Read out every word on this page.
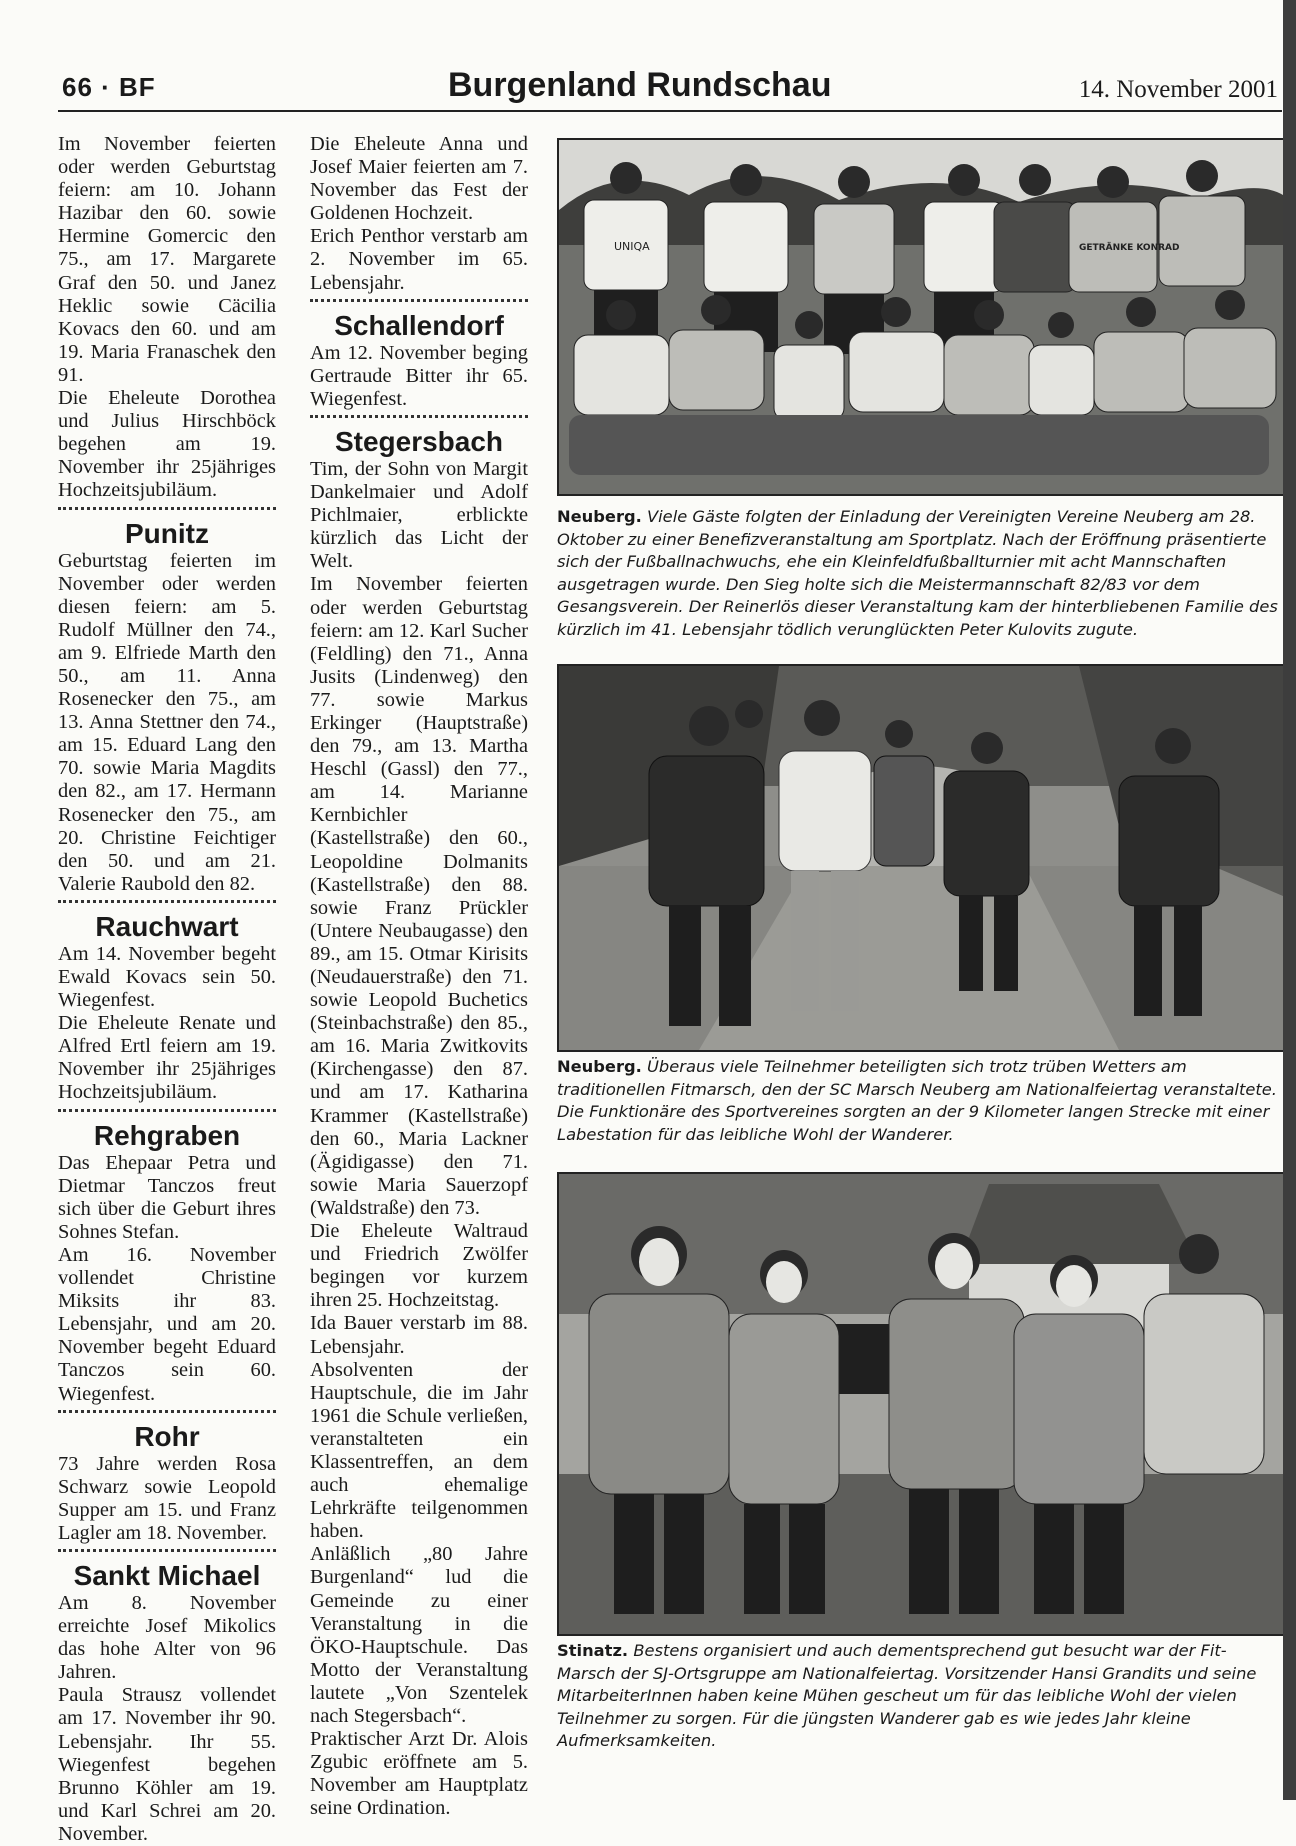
66 · BF	Burgenland Rundschau	14. November 2001

Im November feierten oder werden Geburtstag feiern: am 10. Johann Hazibar den 60. sowie Hermine Gomercic den 75., am 17. Margarete Graf den 50. und Janez Heklic sowie Cäcilia Kovacs den 60. und am 19. Maria Franaschek den 91.

Die Eheleute Dorothea und Julius Hirschböck begehen am 19. November ihr 25jähriges Hochzeitsjubiläum.

Punitz

Geburtstag feierten im November oder werden diesen feiern: am 5. Rudolf Müllner den 74., am 9. Elfriede Marth den 50., am 11. Anna Rosenecker den 75., am 13. Anna Stettner den 74., am 15. Eduard Lang den 70. sowie Maria Magdits den 82., am 17. Hermann Rosenecker den 75., am 20. Christine Feichtiger den 50. und am 21. Valerie Raubold den 82.

Rauchwart

Am 14. November begeht Ewald Kovacs sein 50. Wiegenfest.

Die Eheleute Renate und Alfred Ertl feiern am 19. November ihr 25jähriges Hochzeitsjubiläum.

Rehgraben

Das Ehepaar Petra und Dietmar Tanczos freut sich über die Geburt ihres Sohnes Stefan.

Am 16. November vollendet Christine Miksits ihr 83. Lebensjahr, und am 20. November begeht Eduard Tanczos sein 60. Wiegenfest.

Rohr

73 Jahre werden Rosa Schwarz sowie Leopold Supper am 15. und Franz Lagler am 18. November.

Sankt Michael

Am 8. November erreichte Josef Mikolics das hohe Alter von 96 Jahren.

Paula Strausz vollendet am 17. November ihr 90. Lebensjahr. Ihr 55. Wiegenfest begehen Brunno Köhler am 19. und Karl Schrei am 20. November.

Die Eheleute Anna und Josef Maier feierten am 7. November das Fest der Goldenen Hochzeit.

Erich Penthor verstarb am 2. November im 65. Lebensjahr.

Schallendorf

Am 12. November beging Gertraude Bitter ihr 65. Wiegenfest.

Stegersbach

Tim, der Sohn von Margit Dankelmaier und Adolf Pichlmaier, erblickte kürzlich das Licht der Welt.

Im November feierten oder werden Geburtstag feiern: am 12. Karl Sucher (Feldling) den 71., Anna Jusits (Lindenweg) den 77. sowie Markus Erkinger (Hauptstraße) den 79., am 13. Martha Heschl (Gassl) den 77., am 14. Marianne Kernbichler (Kastellstraße) den 60., Leopoldine Dolmanits (Kastellstraße) den 88. sowie Franz Prückler (Untere Neubaugasse) den 89., am 15. Otmar Kirisits (Neudauerstraße) den 71. sowie Leopold Buchetics (Steinbachstraße) den 85., am 16. Maria Zwitkovits (Kirchengasse) den 87. und am 17. Katharina Krammer (Kastellstraße) den 60., Maria Lackner (Ägidigasse) den 71. sowie Maria Sauerzopf (Waldstraße) den 73.

Die Eheleute Waltraud und Friedrich Zwölfer begingen vor kurzem ihren 25. Hochzeitstag.

Ida Bauer verstarb im 88. Lebensjahr.

Absolventen der Hauptschule, die im Jahr 1961 die Schule verließen, veranstalteten ein Klassentreffen, an dem auch ehemalige Lehrkräfte teilgenommen haben.

Anläßlich „80 Jahre Burgenland“ lud die Gemeinde zu einer Veranstaltung in die ÖKO-Hauptschule. Das Motto der Veranstaltung lautete „Von Szentelek nach Stegersbach“.

Praktischer Arzt Dr. Alois Zgubic eröffnete am 5. November am Hauptplatz seine Ordination.

UNIQA	GETRÄNKE KONRAD
Neuberg. Viele Gäste folgten der Einladung der Vereinigten Vereine Neuberg am 28. Oktober zu einer Benefizveranstaltung am Sportplatz. Nach der Eröffnung präsentierte sich der Fußballnachwuchs, ehe ein Kleinfeldfußballturnier mit acht Mannschaften ausgetragen wurde. Den Sieg holte sich die Meistermannschaft 82/83 vor dem Gesangsverein. Der Reinerlös dieser Veranstaltung kam der hinterbliebenen Familie des kürzlich im 41. Lebensjahr tödlich verunglückten Peter Kulovits zugute.
Neuberg. Überaus viele Teilnehmer beteiligten sich trotz trüben Wetters am traditionellen Fitmarsch, den der SC Marsch Neuberg am Nationalfeiertag veranstaltete. Die Funktionäre des Sportvereines sorgten an der 9 Kilometer langen Strecke mit einer Labestation für das leibliche Wohl der Wanderer.
Stinatz. Bestens organisiert und auch dementsprechend gut besucht war der Fit-Marsch der SJ-Ortsgruppe am Nationalfeiertag. Vorsitzender Hansi Grandits und seine MitarbeiterInnen haben keine Mühen gescheut um für das leibliche Wohl der vielen Teilnehmer zu sorgen. Für die jüngsten Wanderer gab es wie jedes Jahr kleine Aufmerksamkeiten.
